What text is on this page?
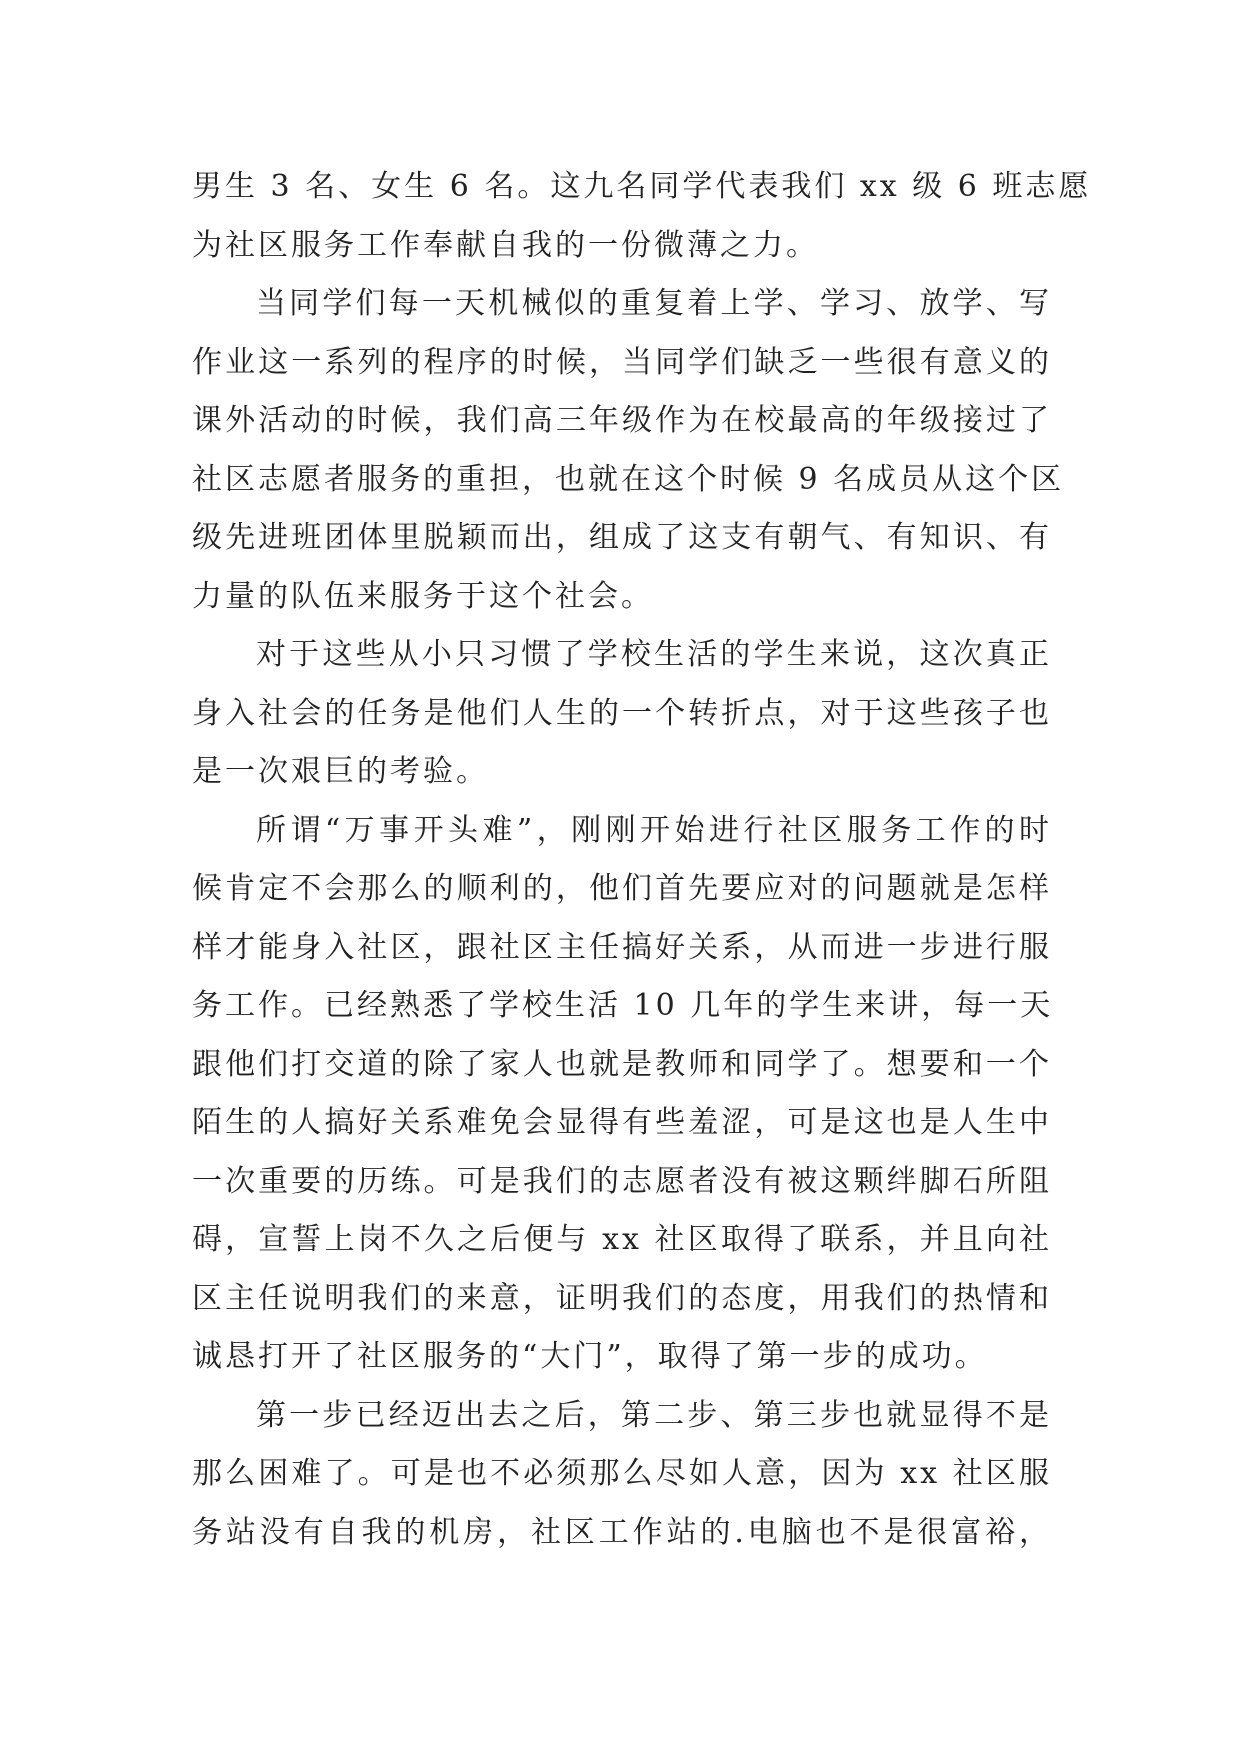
男生 3 名、女生 6 名。这九名同学代表我们 xx 级 6 班志愿
为社区服务工作奉献自我的一份微薄之力。
当同学们每一天机械似的重复着上学、学习、放学、写
作业这一系列的程序的时候，当同学们缺乏一些很有意义的
课外活动的时候，我们高三年级作为在校最高的年级接过了
社区志愿者服务的重担，也就在这个时候 9 名成员从这个区
级先进班团体里脱颖而出，组成了这支有朝气、有知识、有
力量的队伍来服务于这个社会。
对于这些从小只习惯了学校生活的学生来说，这次真正
身入社会的任务是他们人生的一个转折点，对于这些孩子也
是一次艰巨的考验。
所谓“万事开头难”，刚刚开始进行社区服务工作的时
候肯定不会那么的顺利的，他们首先要应对的问题就是怎样
样才能身入社区，跟社区主任搞好关系，从而进一步进行服
务工作。已经熟悉了学校生活 10 几年的学生来讲，每一天
跟他们打交道的除了家人也就是教师和同学了。想要和一个
陌生的人搞好关系难免会显得有些羞涩，可是这也是人生中
一次重要的历练。可是我们的志愿者没有被这颗绊脚石所阻
碍，宣誓上岗不久之后便与 xx 社区取得了联系，并且向社
区主任说明我们的来意，证明我们的态度，用我们的热情和
诚恳打开了社区服务的“大门”，取得了第一步的成功。
第一步已经迈出去之后，第二步、第三步也就显得不是
那么困难了。可是也不必须那么尽如人意，因为 xx 社区服
务站没有自我的机房，社区工作站的.电脑也不是很富裕，
